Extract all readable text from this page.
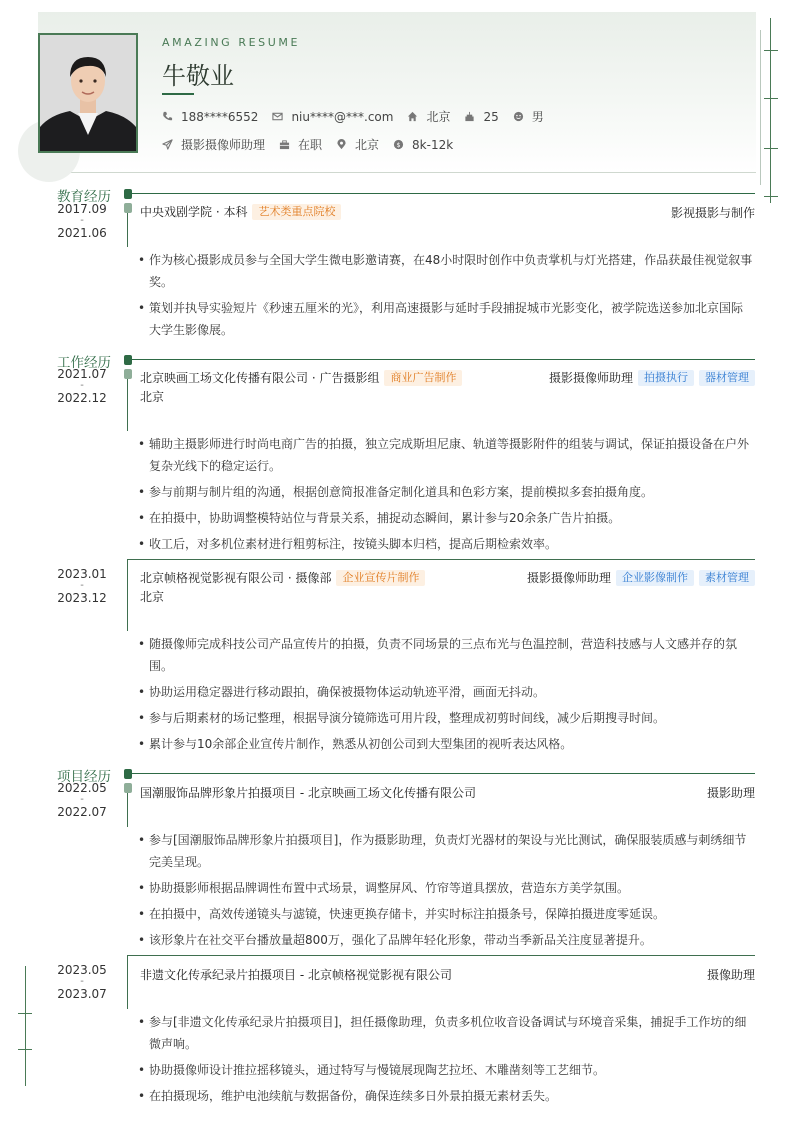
AMAZING RESUME
牛敬业
188****6552	niu****@***.com	北京	25	男
摄影摄像师助理	在职	北京 $ 8k-12k
教育经历
2017.09
-
2021.06
中央戏剧学院 · 本科	艺术类重点院校	影视摄影与制作
• 作为核心摄影成员参与全国大学生微电影邀请赛，在48小时限时创作中负责掌机与灯光搭建，作品获最佳视觉叙事奖。
• 策划并执导实验短片《秒速五厘米的光》，利用高速摄影与延时手段捕捉城市光影变化，被学院选送参加北京国际大学生影像展。
工作经历
2021.07
-
2022.12
北京映画工场文化传播有限公司 · 广告摄影组	商业广告制作	摄影摄像师助理	拍摄执行	器材管理
北京
• 辅助主摄影师进行时尚电商广告的拍摄，独立完成斯坦尼康、轨道等摄影附件的组装与调试，保证拍摄设备在户外复杂光线下的稳定运行。
• 参与前期与制片组的沟通，根据创意简报准备定制化道具和色彩方案，提前模拟多套拍摄角度。
• 在拍摄中，协助调整模特站位与背景关系，捕捉动态瞬间，累计参与20余条广告片拍摄。
• 收工后，对多机位素材进行粗剪标注，按镜头脚本归档，提高后期检索效率。
2023.01
-
2023.12
北京帧格视觉影视有限公司 · 摄像部	企业宣传片制作	摄影摄像师助理	企业影像制作	素材管理
北京
• 随摄像师完成科技公司产品宣传片的拍摄，负责不同场景的三点布光与色温控制，营造科技感与人文感并存的氛围。
• 协助运用稳定器进行移动跟拍，确保被摄物体运动轨迹平滑，画面无抖动。
• 参与后期素材的场记整理，根据导演分镜筛选可用片段，整理成初剪时间线，减少后期搜寻时间。
• 累计参与10余部企业宣传片制作，熟悉从初创公司到大型集团的视听表达风格。
项目经历
2022.05
-
2022.07
国潮服饰品牌形象片拍摄项目 - 北京映画工场文化传播有限公司	摄影助理
• 参与[国潮服饰品牌形象片拍摄项目]，作为摄影助理，负责灯光器材的架设与光比测试，确保服装质感与刺绣细节完美呈现。
• 协助摄影师根据品牌调性布置中式场景，调整屏风、竹帘等道具摆放，营造东方美学氛围。
• 在拍摄中，高效传递镜头与滤镜，快速更换存储卡，并实时标注拍摄条号，保障拍摄进度零延误。
• 该形象片在社交平台播放量超800万，强化了品牌年轻化形象，带动当季新品关注度显著提升。
2023.05
-
2023.07
非遗文化传承纪录片拍摄项目 - 北京帧格视觉影视有限公司	摄像助理
• 参与[非遗文化传承纪录片拍摄项目]，担任摄像助理，负责多机位收音设备调试与环境音采集，捕捉手工作坊的细微声响。
• 协助摄像师设计推拉摇移镜头，通过特写与慢镜展现陶艺拉坯、木雕凿刻等工艺细节。
• 在拍摄现场，维护电池续航与数据备份，确保连续多日外景拍摄无素材丢失。
